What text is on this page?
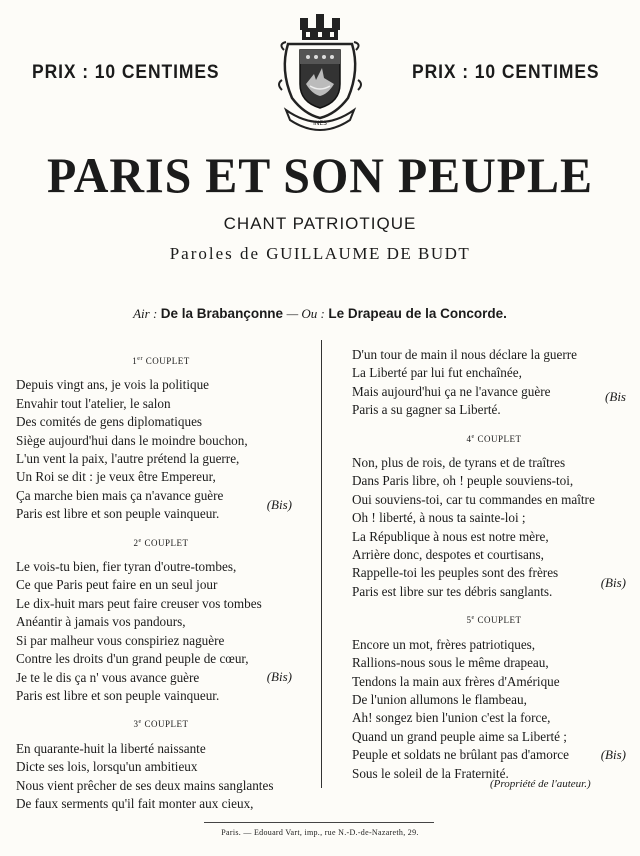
PRIX : 10 CENTIMES	PRIX : 10 CENTIMES
INES
PARIS ET SON PEUPLE
CHANT PATRIOTIQUE
Paroles de GUILLAUME DE BUDT
Air : De la Brabançonne — Ou : Le Drapeau de la Concorde.
1er COUPLET
Depuis vingt ans, je vois la politique
Envahir tout l'atelier, le salon
Des comités de gens diplomatiques
Siège aujourd'hui dans le moindre bouchon,
L'un vent la paix, l'autre prétend la guerre,
Un Roi se dit : je veux être Empereur,
Ça marche bien mais ça n'avance guère
Paris est libre et son peuple vainqueur.
(Bis)
2e COUPLET
Le vois-tu bien, fier tyran d'outre-tombes,
Ce que Paris peut faire en un seul jour
Le dix-huit mars peut faire creuser vos tombes
Anéantir à jamais vos pandours,
Si par malheur vous conspiriez naguère
Contre les droits d'un grand peuple de cœur,
Je te le dis ça n' vous avance guère
Paris est libre et son peuple vainqueur.
(Bis)
3e COUPLET
En quarante-huit la liberté naissante
Dicte ses lois, lorsqu'un ambitieux
Nous vient prêcher de ses deux mains sanglantes
De faux serments qu'il fait monter aux cieux,
D'un tour de main il nous déclare la guerre
La Liberté par lui fut enchaînée,
Mais aujourd'hui ça ne l'avance guère
Paris a su gagner sa Liberté.
(Bis
4e COUPLET
Non, plus de rois, de tyrans et de traîtres
Dans Paris libre, oh ! peuple souviens-toi,
Oui souviens-toi, car tu commandes en maître
Oh ! liberté, à nous ta sainte-loi ;
La République à nous est notre mère,
Arrière donc, despotes et courtisans,
Rappelle-toi les peuples sont des frères
Paris est libre sur tes débris sanglants.
(Bis)
5e COUPLET
Encore un mot, frères patriotiques,
Rallions-nous sous le même drapeau,
Tendons la main aux frères d'Amérique
De l'union allumons le flambeau,
Ah! songez bien l'union c'est la force,
Quand un grand peuple aime sa Liberté ;
Peuple et soldats ne brûlant pas d'amorce
Sous le soleil de la Fraternité.
(Bis)
(Propriété de l'auteur.)
Paris. — Edouard Vart, imp., rue N.-D.-de-Nazareth, 29.
